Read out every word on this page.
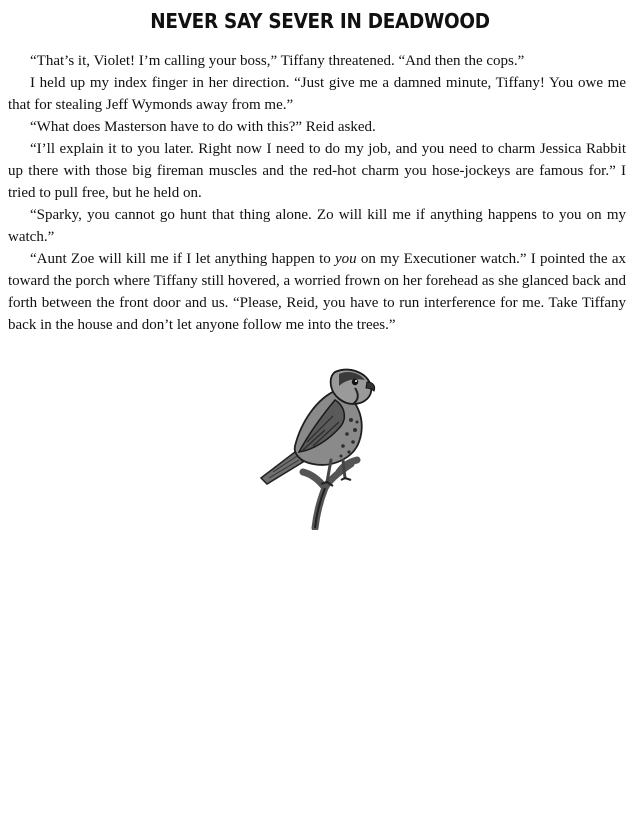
NEVER SAY SEVER IN DEADWOOD

“That’s it, Violet! I’m calling your boss,” Tiffany threatened. “And then the cops.”

I held up my index finger in her direction. “Just give me a damned minute, Tiffany! You owe me that for stealing Jeff Wymonds away from me.”

“What does Masterson have to do with this?” Reid asked.

“I’ll explain it to you later. Right now I need to do my job, and you need to charm Jessica Rabbit up there with those big fireman muscles and the red-hot charm you hose-jockeys are famous for.” I tried to pull free, but he held on.

“Sparky, you cannot go hunt that thing alone. Zo will kill me if anything happens to you on my watch.”

“Aunt Zoe will kill me if I let anything happen to you on my Executioner watch.” I pointed the ax toward the porch where Tiffany still hovered, a worried frown on her forehead as she glanced back and forth between the front door and us. “Please, Reid, you have to run interference for me. Take Tiffany back in the house and don’t let anyone follow me into the trees.”
